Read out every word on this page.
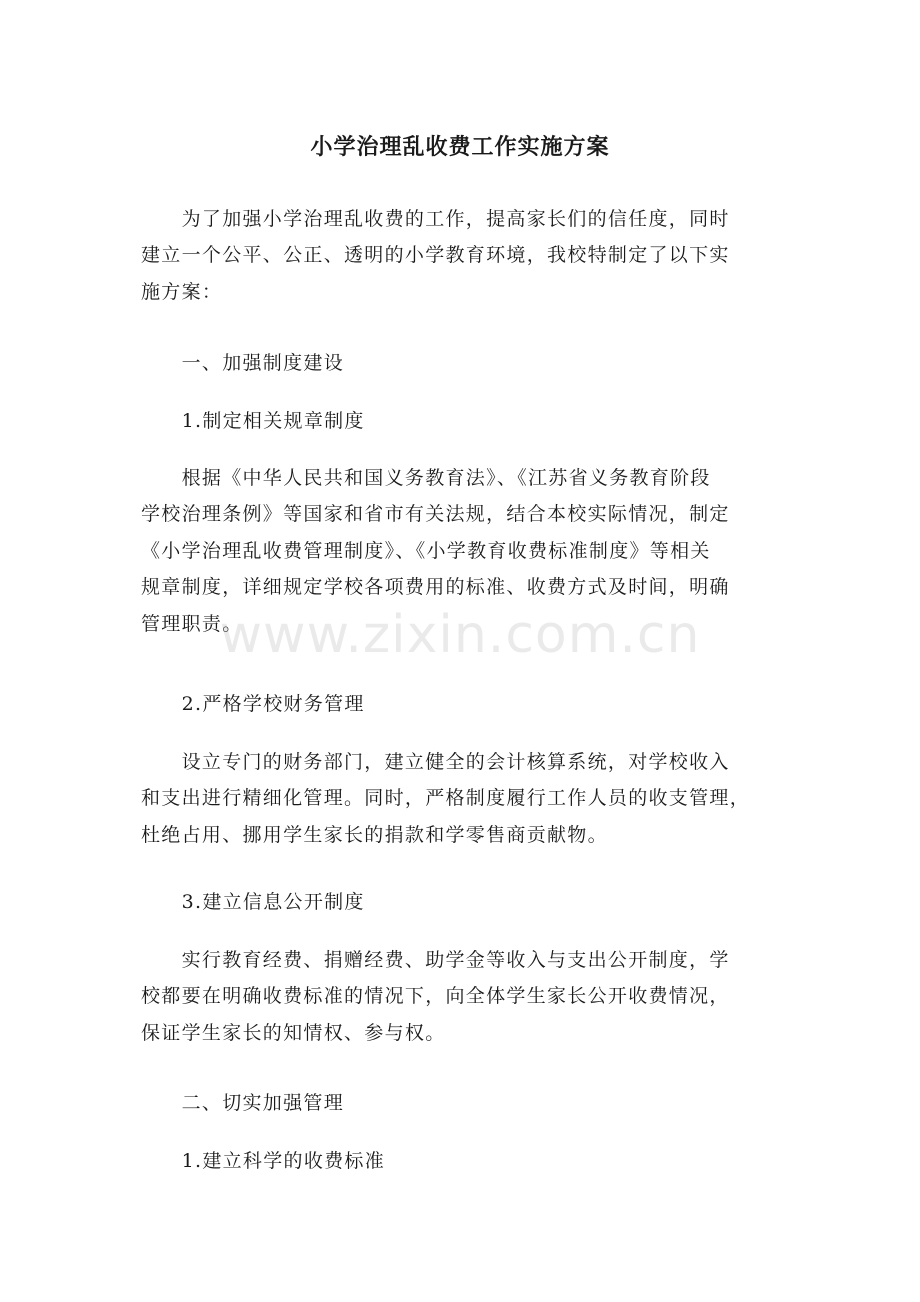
小学治理乱收费工作实施方案
　　为了加强小学治理乱收费的工作，提高家长们的信任度，同时
建立一个公平、公正、透明的小学教育环境，我校特制定了以下实
施方案：
　　一、加强制度建设
　　1.制定相关规章制度
　　根据《中华人民共和国义务教育法》、《江苏省义务教育阶段
学校治理条例》等国家和省市有关法规，结合本校实际情况，制定
《小学治理乱收费管理制度》、《小学教育收费标准制度》等相关
规章制度，详细规定学校各项费用的标准、收费方式及时间，明确
管理职责。
　　2.严格学校财务管理
　　设立专门的财务部门，建立健全的会计核算系统，对学校收入
和支出进行精细化管理。同时，严格制度履行工作人员的收支管理，
杜绝占用、挪用学生家长的捐款和学零售商贡献物。
　　3.建立信息公开制度
　　实行教育经费、捐赠经费、助学金等收入与支出公开制度，学
校都要在明确收费标准的情况下，向全体学生家长公开收费情况，
保证学生家长的知情权、参与权。
　　二、切实加强管理
　　1.建立科学的收费标准
www.zixin.com.cn
